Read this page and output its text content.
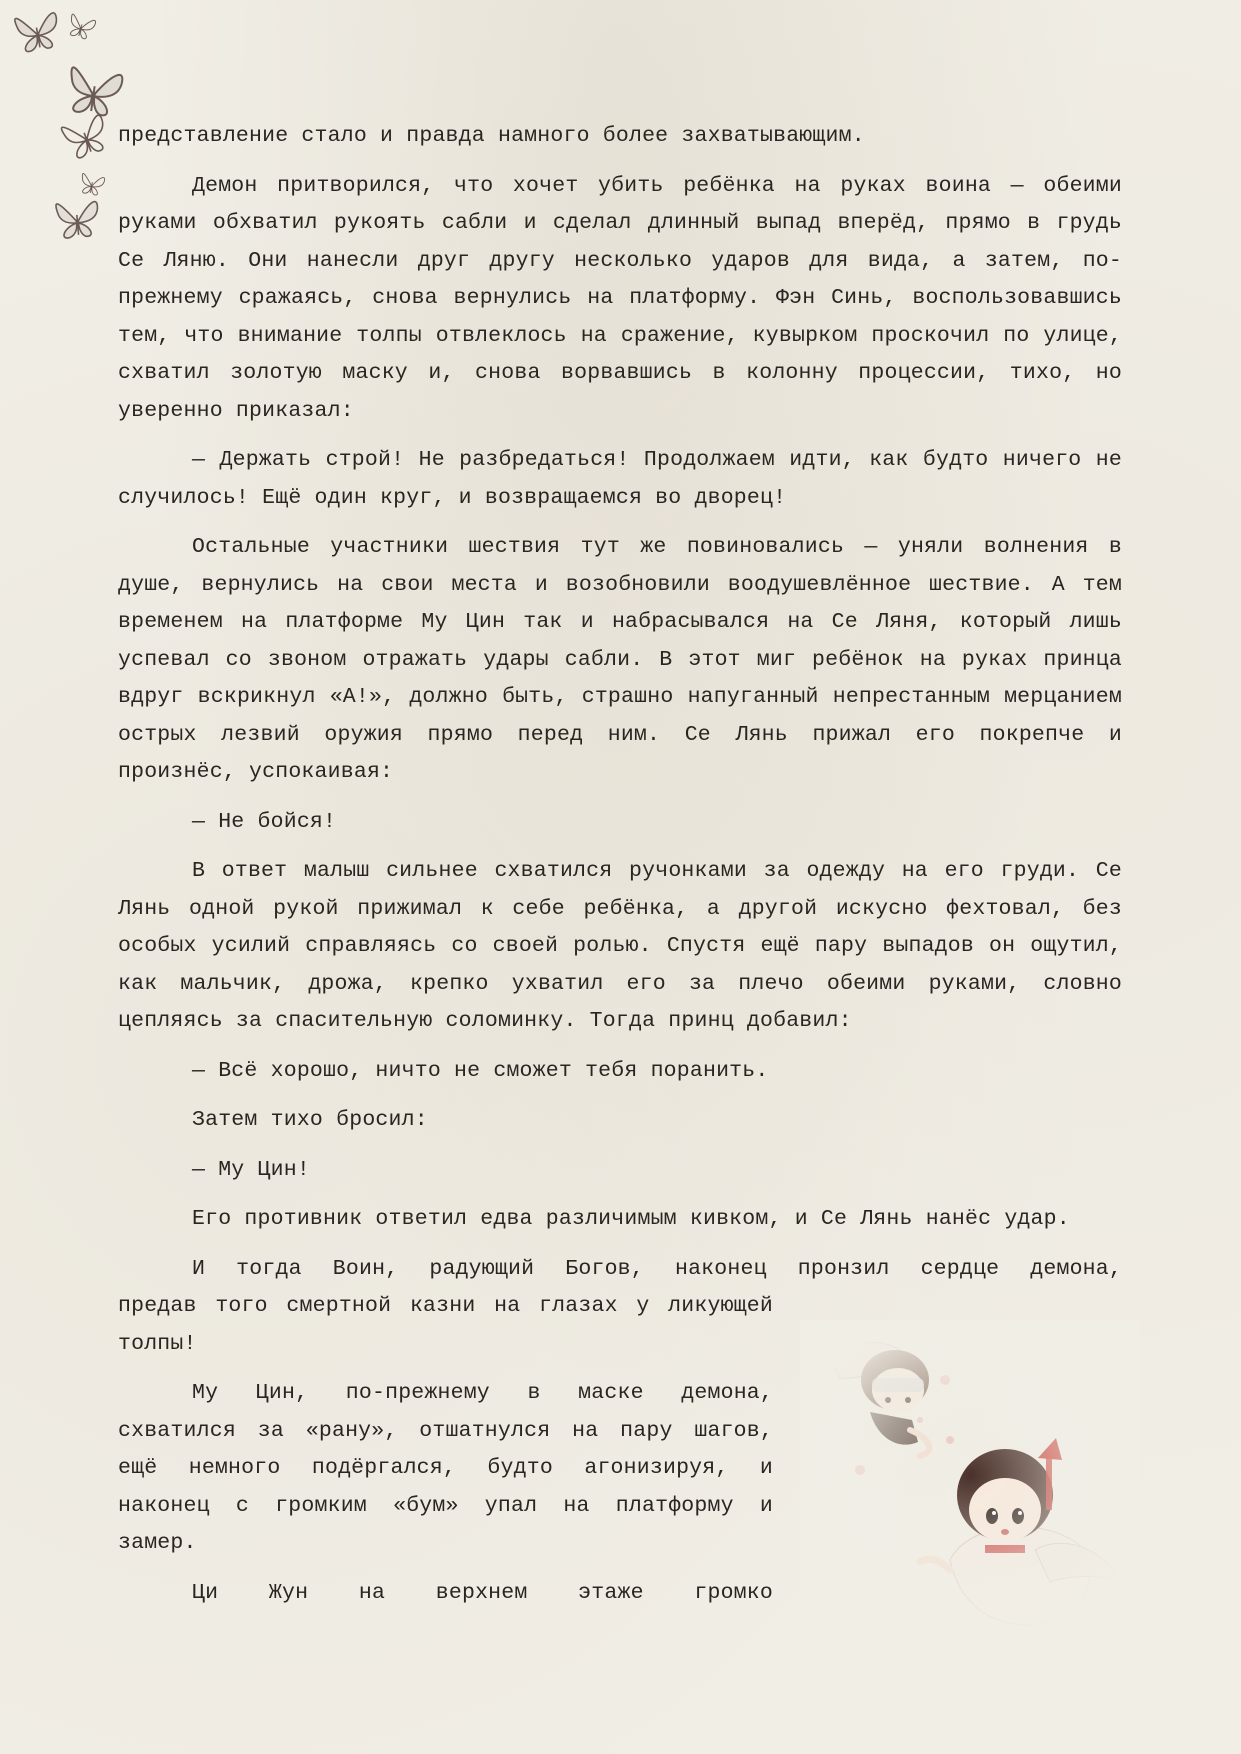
представление стало и правда намного более захватывающим.

Демон притворился, что хочет убить ребёнка на руках воина — обеими руками обхватил рукоять сабли и сделал длинный выпад вперёд, прямо в грудь Се Ляню. Они нанесли друг другу несколько ударов для вида, а затем, по-прежнему сражаясь, снова вернулись на платформу. Фэн Синь, воспользовавшись тем, что внимание толпы отвлеклось на сражение, кувырком проскочил по улице, схватил золотую маску и, снова ворвавшись в колонну процессии, тихо, но уверенно приказал:

— Держать строй! Не разбредаться! Продолжаем идти, как будто ничего не случилось! Ещё один круг, и возвращаемся во дворец!

Остальные участники шествия тут же повиновались — уняли волнения в душе, вернулись на свои места и возобновили воодушевлённое шествие. А тем временем на платформе Му Цин так и набрасывался на Се Ляня, который лишь успевал со звоном отражать удары сабли. В этот миг ребёнок на руках принца вдруг вскрикнул «А!», должно быть, страшно напуганный непрестанным мерцанием острых лезвий оружия прямо перед ним. Се Лянь прижал его покрепче и произнёс, успокаивая:

— Не бойся!

В ответ малыш сильнее схватился ручонками за одежду на его груди. Се Лянь одной рукой прижимал к себе ребёнка, а другой искусно фехтовал, без особых усилий справляясь со своей ролью. Спустя ещё пару выпадов он ощутил, как мальчик, дрожа, крепко ухватил его за плечо обеими руками, словно цепляясь за спасительную соломинку. Тогда принц добавил:

— Всё хорошо, ничто не сможет тебя поранить.

Затем тихо бросил:

— Му Цин!

Его противник ответил едва различимым кивком, и Се Лянь нанёс удар.

И тогда Воин, радующий Богов, наконец пронзил сердце демона,
предав того смертной казни на глазах у ликующей толпы!

Му Цин, по-прежнему в маске демона, схватился за «рану», отшатнулся на пару шагов, ещё немного подёргался, будто агонизируя, и наконец с громким «бум» упал на платформу и замер.

Ци Жун на верхнем этаже громко
